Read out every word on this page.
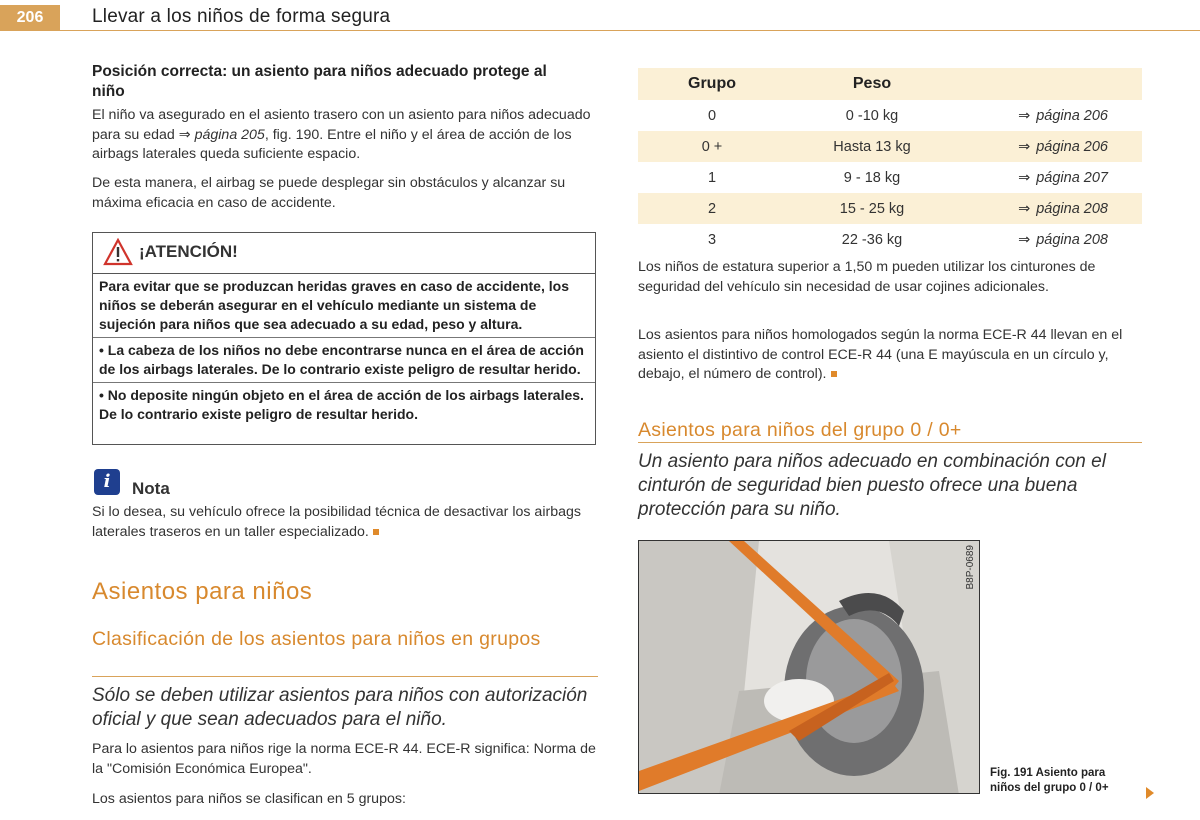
206	Llevar a los niños de forma segura
Posición correcta: un asiento para niños adecuado protege al niño

El niño va asegurado en el asiento trasero con un asiento para niños adecuado para su edad ⇒ página 205, fig. 190. Entre el niño y el área de acción de los airbags laterales queda suficiente espacio.

De esta manera, el airbag se puede desplegar sin obstáculos y alcanzar su máxima eficacia en caso de accidente.

¡ATENCIÓN!

Para evitar que se produzcan heridas graves en caso de accidente, los niños se deberán asegurar en el vehículo mediante un sistema de sujeción para niños que sea adecuado a su edad, peso y altura.

• La cabeza de los niños no debe encontrarse nunca en el área de acción de los airbags laterales. De lo contrario existe peligro de resultar herido.

• No deposite ningún objeto en el área de acción de los airbags laterales. De lo contrario existe peligro de resultar herido.

i	Nota

Si lo desea, su vehículo ofrece la posibilidad técnica de desactivar los airbags laterales traseros en un taller especializado.

Asientos para niños
Clasificación de los asientos para niños en grupos

Sólo se deben utilizar asientos para niños con autorización oficial y que sean adecuados para el niño.

Para lo asientos para niños rige la norma ECE-R 44. ECE-R significa: Norma de la "Comisión Económica Europea".

Los asientos para niños se clasifican en 5 grupos:

Grupo	Peso	
0	0 -10 kg	⇒ página 206
0 +	Hasta 13 kg	⇒ página 206
1	9 - 18 kg	⇒ página 207
2	15 - 25 kg	⇒ página 208
3	22 -36 kg	⇒ página 208

Los niños de estatura superior a 1,50 m pueden utilizar los cinturones de seguridad del vehículo sin necesidad de usar cojines adicionales.

Los asientos para niños homologados según la norma ECE-R 44 llevan en el asiento el distintivo de control ECE-R 44 (una E mayúscula en un círculo y, debajo, el número de control).

Asientos para niños del grupo 0 / 0+

Un asiento para niños adecuado en combinación con el cinturón de seguridad bien puesto ofrece una buena protección para su niño.

B8P-0689
Fig. 191 Asiento para
niños del grupo 0 / 0+
